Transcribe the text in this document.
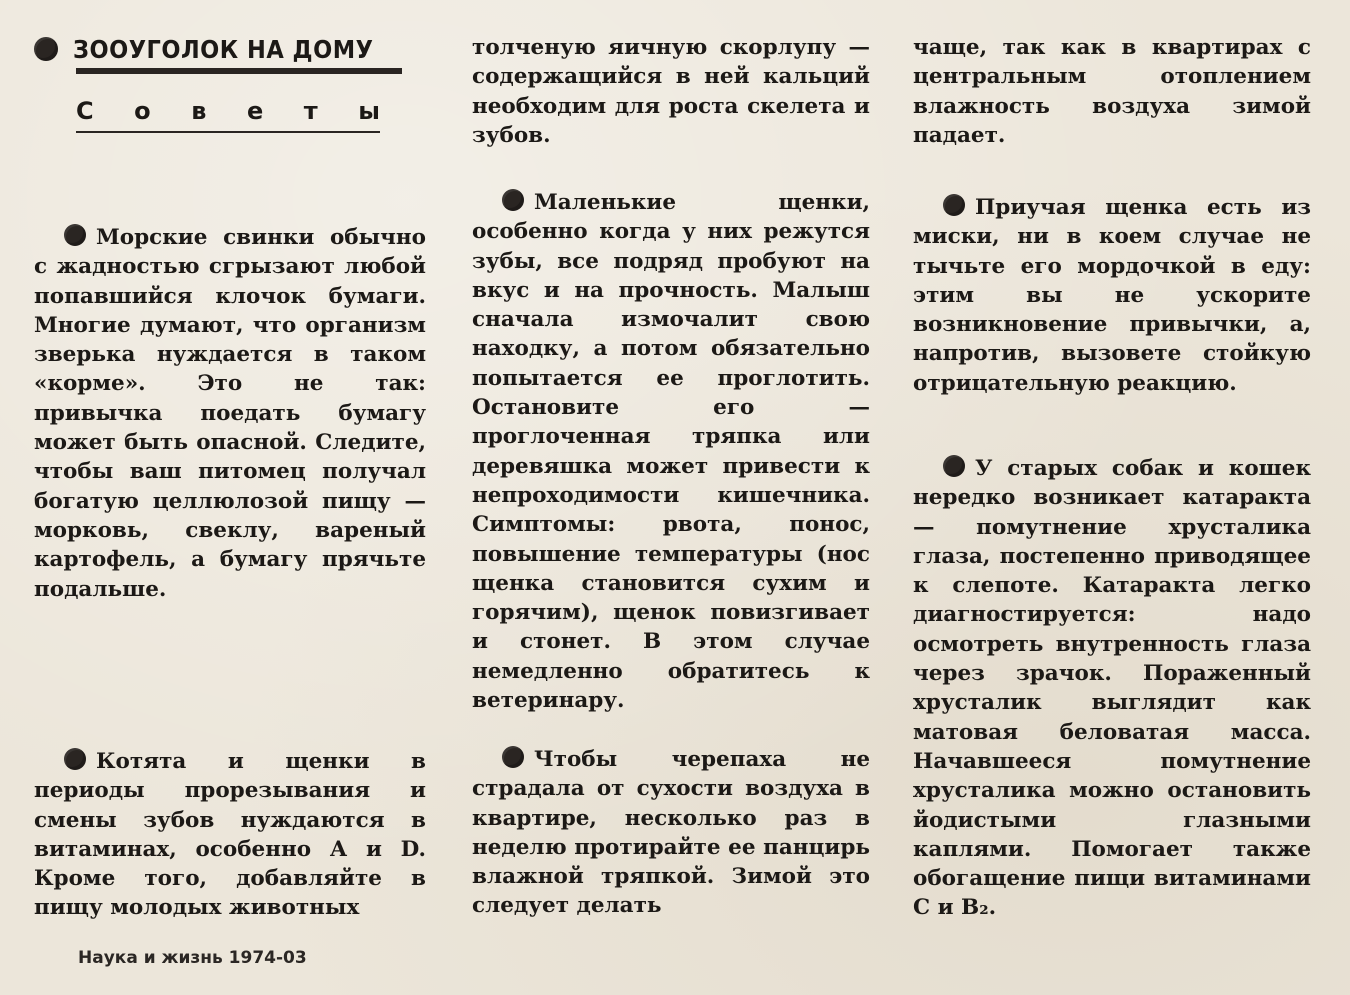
ЗООУГОЛОК НА ДОМУ
С о в е т ы

Морские свинки обычно с жадностью сгрызают любой попавшийся клочок бумаги. Многие думают, что организм зверька нуждается в таком «корме». Это не так: привычка поедать бумагу может быть опасной. Следите, чтобы ваш питомец получал богатую целлюлозой пищу — морковь, свеклу, вареный картофель, а бумагу прячьте подальше.

Котята и щенки в периоды прорезывания и смены зубов нуждаются в витаминах, особенно А и D. Кроме того, добавляйте в пищу молодых животных

толченую яичную скорлупу — содержащийся в ней кальций необходим для роста скелета и зубов.

Маленькие щенки, особенно когда у них режутся зубы, все подряд пробуют на вкус и на прочность. Малыш сначала измочалит свою находку, а потом обязательно попытается ее проглотить. Остановите его — проглоченная тряпка или деревяшка может привести к непроходимости кишечника. Симптомы: рвота, понос, повышение температуры (нос щенка становится сухим и горячим), щенок повизгивает и стонет. В этом случае немедленно обратитесь к ветеринару.

Чтобы черепаха не страдала от сухости воздуха в квартире, несколько раз в неделю протирайте ее панцирь влажной тряпкой. Зимой это следует делать

чаще, так как в квартирах с центральным отоплением влажность воздуха зимой падает.

Приучая щенка есть из миски, ни в коем случае не тычьте его мордочкой в еду: этим вы не ускорите возникновение привычки, а, напротив, вызовете стойкую отрицательную реакцию.

У старых собак и кошек нередко возникает катаракта — помутнение хрусталика глаза, постепенно приводящее к слепоте. Катаракта легко диагностируется: надо осмотреть внутренность глаза через зрачок. Пораженный хрусталик выглядит как матовая беловатая масса. Начавшееся помутнение хрусталика можно остановить йодистыми глазными каплями. Помогает также обогащение пищи витаминами С и В₂.

Наука и жизнь 1974-03
